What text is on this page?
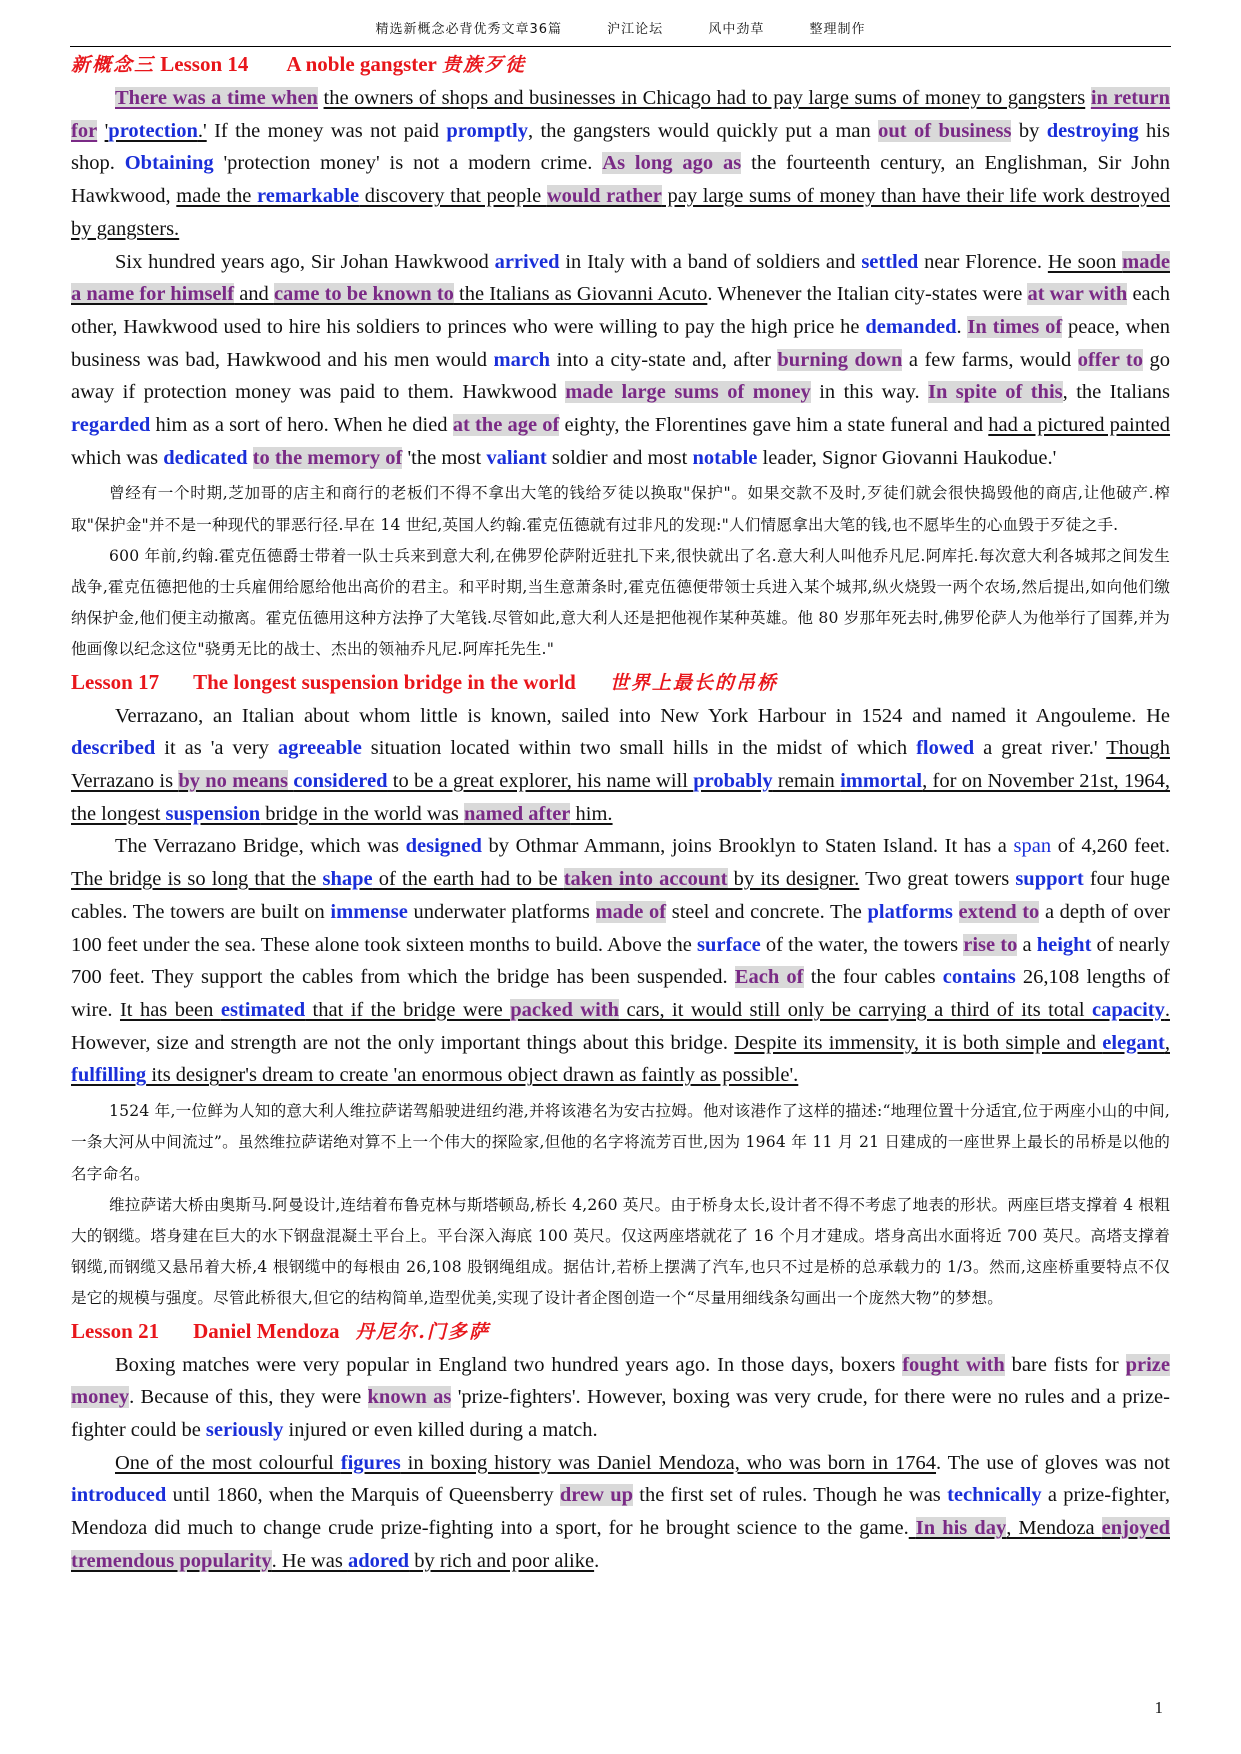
精选新概念必背优秀文章36篇	沪江论坛	风中劲草	整理制作
新概念三 Lesson 14 A noble gangster 贵族歹徒

There was a time when the owners of shops and businesses in Chicago had to pay large sums of money to gangsters in return for 'protection.' If the money was not paid promptly, the gangsters would quickly put a man out of business by destroying his shop. Obtaining 'protection money' is not a modern crime. As long ago as the fourteenth century, an Englishman, Sir John Hawkwood, made the remarkable discovery that people would rather pay large sums of money than have their life work destroyed by gangsters.

Six hundred years ago, Sir Johan Hawkwood arrived in Italy with a band of soldiers and settled near Florence. He soon made a name for himself and came to be known to the Italians as Giovanni Acuto. Whenever the Italian city-states were at war with each other, Hawkwood used to hire his soldiers to princes who were willing to pay the high price he demanded. In times of peace, when business was bad, Hawkwood and his men would march into a city-state and, after burning down a few farms, would offer to go away if protection money was paid to them. Hawkwood made large sums of money in this way. In spite of this, the Italians regarded him as a sort of hero. When he died at the age of eighty, the Florentines gave him a state funeral and had a pictured painted which was dedicated to the memory of 'the most valiant soldier and most notable leader, Signor Giovanni Haukodue.'

曾经有一个时期,芝加哥的店主和商行的老板们不得不拿出大笔的钱给歹徒以换取"保护"。如果交款不及时,歹徒们就会很快捣毁他的商店,让他破产.榨取"保护金"并不是一种现代的罪恶行径.早在 14 世纪,英国人约翰.霍克伍德就有过非凡的发现:"人们情愿拿出大笔的钱,也不愿毕生的心血毁于歹徒之手.

600 年前,约翰.霍克伍德爵士带着一队士兵来到意大利,在佛罗伦萨附近驻扎下来,很快就出了名.意大利人叫他乔凡尼.阿库托.每次意大利各城邦之间发生战争,霍克伍德把他的士兵雇佣给愿给他出高价的君主。和平时期,当生意萧条时,霍克伍德便带领士兵进入某个城邦,纵火烧毁一两个农场,然后提出,如向他们缴纳保护金,他们便主动撤离。霍克伍德用这种方法挣了大笔钱.尽管如此,意大利人还是把他视作某种英雄。他 80 岁那年死去时,佛罗伦萨人为他举行了国葬,并为他画像以纪念这位"骁勇无比的战士、杰出的领袖乔凡尼.阿库托先生."

Lesson 17 The longest suspension bridge in the world 世界上最长的吊桥

Verrazano, an Italian about whom little is known, sailed into New York Harbour in 1524 and named it Angouleme. He described it as 'a very agreeable situation located within two small hills in the midst of which flowed a great river.' Though Verrazano is by no means considered to be a great explorer, his name will probably remain immortal, for on November 21st, 1964, the longest suspension bridge in the world was named after him.

The Verrazano Bridge, which was designed by Othmar Ammann, joins Brooklyn to Staten Island. It has a span of 4,260 feet. The bridge is so long that the shape of the earth had to be taken into account by its designer. Two great towers support four huge cables. The towers are built on immense underwater platforms made of steel and concrete. The platforms extend to a depth of over 100 feet under the sea. These alone took sixteen months to build. Above the surface of the water, the towers rise to a height of nearly 700 feet. They support the cables from which the bridge has been suspended. Each of the four cables contains 26,108 lengths of wire. It has been estimated that if the bridge were packed with cars, it would still only be carrying a third of its total capacity. However, size and strength are not the only important things about this bridge. Despite its immensity, it is both simple and elegant, fulfilling its designer's dream to create 'an enormous object drawn as faintly as possible'.

1524 年,一位鲜为人知的意大利人维拉萨诺驾船驶进纽约港,并将该港名为安古拉姆。他对该港作了这样的描述:“地理位置十分适宜,位于两座小山的中间,一条大河从中间流过”。虽然维拉萨诺绝对算不上一个伟大的探险家,但他的名字将流芳百世,因为 1964 年 11 月 21 日建成的一座世界上最长的吊桥是以他的名字命名。

维拉萨诺大桥由奥斯马.阿曼设计,连结着布鲁克林与斯塔顿岛,桥长 4,260 英尺。由于桥身太长,设计者不得不考虑了地表的形状。两座巨塔支撑着 4 根粗大的钢缆。塔身建在巨大的水下钢盘混凝土平台上。平台深入海底 100 英尺。仅这两座塔就花了 16 个月才建成。塔身高出水面将近 700 英尺。高塔支撑着钢缆,而钢缆又悬吊着大桥,4 根钢缆中的每根由 26,108 股钢绳组成。据估计,若桥上摆满了汽车,也只不过是桥的总承载力的 1/3。然而,这座桥重要特点不仅是它的规模与强度。尽管此桥很大,但它的结构简单,造型优美,实现了设计者企图创造一个“尽量用细线条勾画出一个庞然大物”的梦想。

Lesson 21 Daniel Mendoza 丹尼尔.门多萨

Boxing matches were very popular in England two hundred years ago. In those days, boxers fought with bare fists for prize money. Because of this, they were known as 'prize-fighters'. However, boxing was very crude, for there were no rules and a prize-fighter could be seriously injured or even killed during a match.

One of the most colourful figures in boxing history was Daniel Mendoza, who was born in 1764. The use of gloves was not introduced until 1860, when the Marquis of Queensberry drew up the first set of rules. Though he was technically a prize-fighter, Mendoza did much to change crude prize-fighting into a sport, for he brought science to the game. In his day, Mendoza enjoyed tremendous popularity. He was adored by rich and poor alike.

1
